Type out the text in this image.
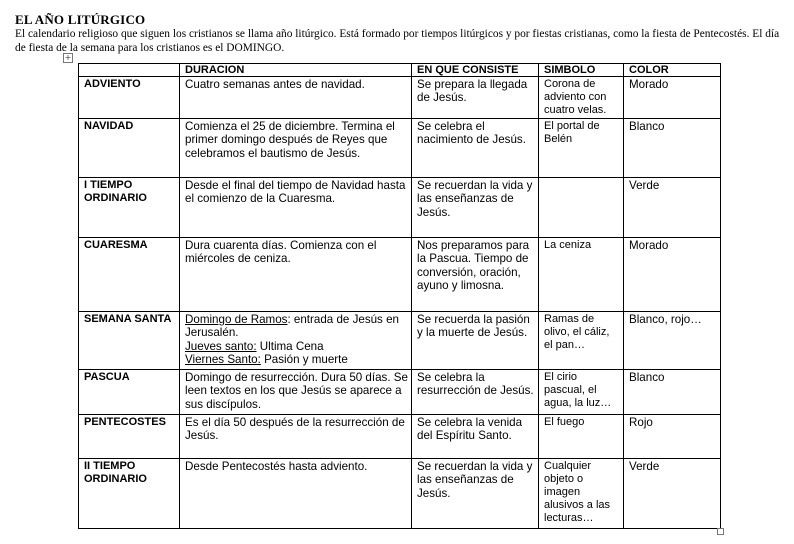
EL AÑO LITÚRGICO
El calendario religioso que siguen los cristianos se llama año litúrgico. Está formado por tiempos litúrgicos y por fiestas cristianas, como la fiesta de Pentecostés. El día de fiesta de la semana para los cristianos es el DOMINGO.
+
	DURACION	EN QUE CONSISTE	SIMBOLO	COLOR
ADVIENTO	Cuatro semanas antes de navidad.	Se prepara la llegada de Jesús.	Corona de adviento con cuatro velas.	Morado
NAVIDAD	Comienza el 25 de diciembre. Termina el primer domingo después de Reyes que celebramos el bautismo de Jesús.	Se celebra el nacimiento de Jesús.	El portal de Belén	Blanco
I TIEMPO ORDINARIO	Desde el final del tiempo de Navidad hasta el comienzo de la Cuaresma.	Se recuerdan la vida y las enseñanzas de Jesús.		Verde
CUARESMA	Dura cuarenta días. Comienza con el miércoles de ceniza.	Nos preparamos para la Pascua. Tiempo de conversión, oración, ayuno y limosna.	La ceniza	Morado
SEMANA SANTA	Domingo de Ramos: entrada de Jesús en Jerusalén.
Jueves santo: Ultima Cena
Viernes Santo: Pasión y muerte	Se recuerda la pasión y la muerte de Jesús.	Ramas de olivo, el cáliz, el pan…	Blanco, rojo…
PASCUA	Domingo de resurrección. Dura 50 días. Se leen textos en los que Jesús se aparece a sus discípulos.	Se celebra la resurrección de Jesús.	El cirio pascual, el agua, la luz…	Blanco
PENTECOSTES	Es el día 50 después de la resurrección de Jesús.	Se celebra la venida del Espíritu Santo.	El fuego	Rojo
II TIEMPO ORDINARIO	Desde Pentecostés hasta adviento.	Se recuerdan la vida y las enseñanzas de Jesús.	Cualquier objeto o imagen alusivos a las lecturas…	Verde
